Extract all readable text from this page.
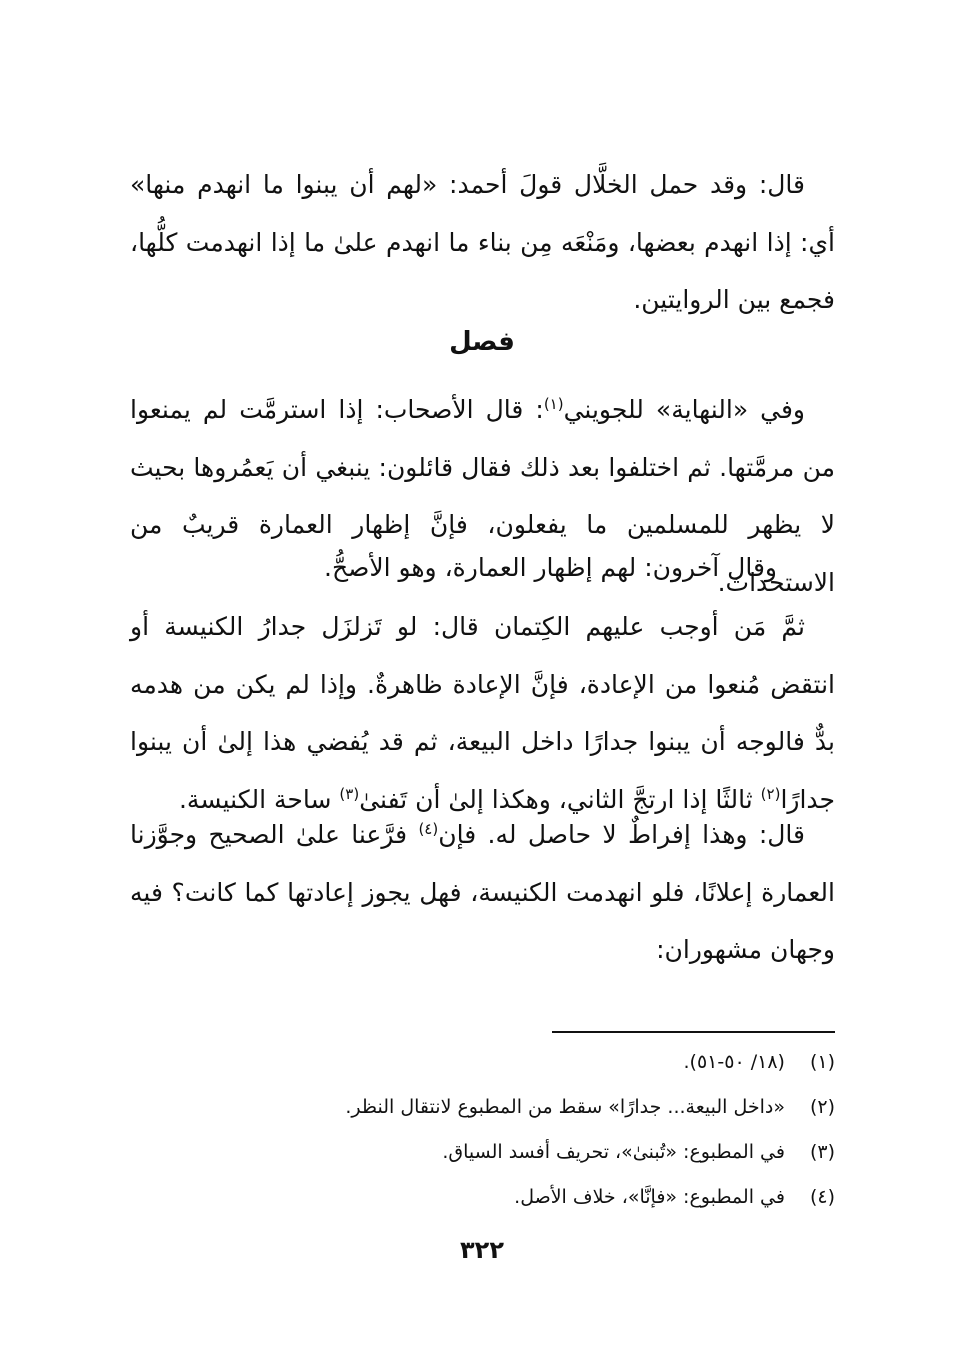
قال: وقد حمل الخلَّال قولَ أحمد: «لهم أن يبنوا ما انهدم منها» أي: إذا انهدم بعضها، ومَنْعَه مِن بناء ما انهدم علىٰ ما إذا انهدمت كلُّها، فجمع بين الروايتين.

فصل

وفي «النهاية» للجويني$^{(١)}$: قال الأصحاب: إذا استرمَّت لم يمنعوا من مرمَّتها. ثم اختلفوا بعد ذلك فقال قائلون: ينبغي أن يَعمُروها بحيث لا يظهر للمسلمين ما يفعلون، فإنَّ إظهار العمارة قريبٌ من الاستحداث.

وقال آخرون: لهم إظهار العمارة، وهو الأصحُّ.

ثمَّ مَن أوجب عليهم الكِتمان قال: لو تَزلزَل جدارُ الكنيسة أو انتقض مُنعوا من الإعادة، فإنَّ الإعادة ظاهرةٌ. وإذا لم يكن من هدمه بدٌّ فالوجه أن يبنوا جدارًا داخل البيعة، ثم قد يُفضي هذا إلىٰ أن يبنوا جدارًا$^{(٢)}$ ثالثًا إذا ارتجَّ الثاني، وهكذا إلىٰ أن تَفنىٰ$^{(٣)}$ ساحة الكنيسة.

قال: وهذا إفراطٌ لا حاصل له. فإن$^{(٤)}$ فرَّعنا علىٰ الصحيح وجوَّزنا العمارة إعلانًا، فلو انهدمت الكنيسة، فهل يجوز إعادتها كما كانت؟ فيه وجهان مشهوران:

(١) (١٨/ ٥٠-٥١).
(٢) «داخل البيعة... جدارًا» سقط من المطبوع لانتقال النظر.
(٣) في المطبوع: «تُبنىٰ»، تحريف أفسد السياق.
(٤) في المطبوع: «فإنَّا»، خلاف الأصل.
٣٢٢
